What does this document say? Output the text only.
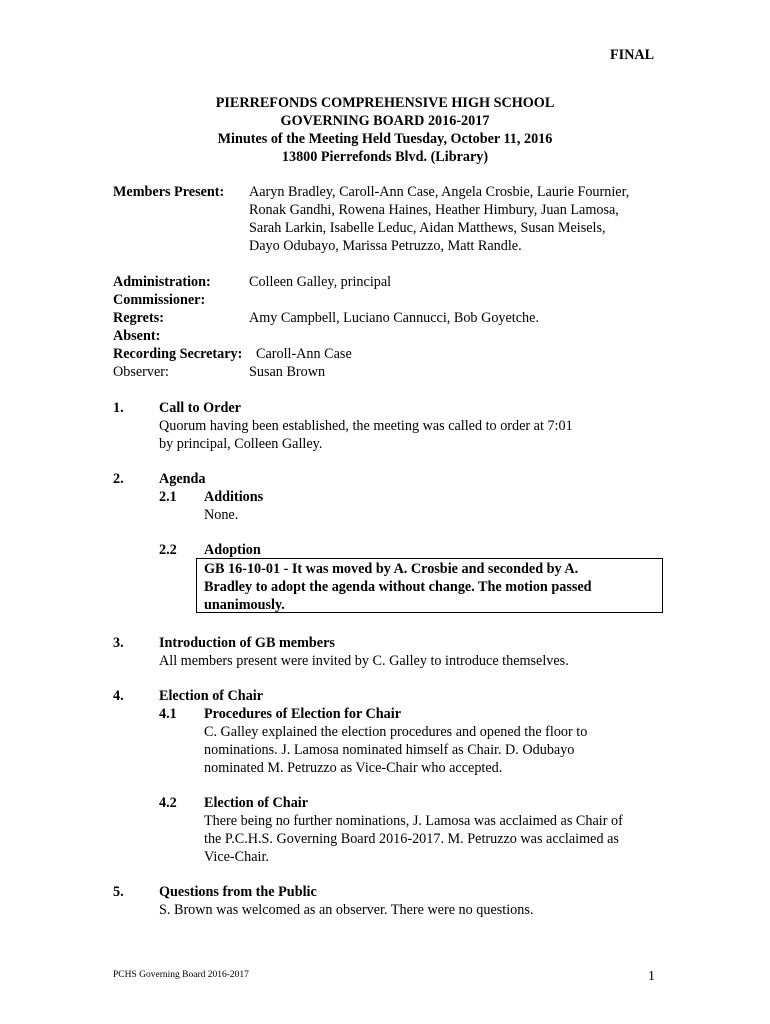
FINAL
PIERREFONDS COMPREHENSIVE HIGH SCHOOL
GOVERNING BOARD 2016-2017
Minutes of the Meeting Held Tuesday, October 11, 2016
13800 Pierrefonds Blvd. (Library)
Members Present: Aaryn Bradley, Caroll-Ann Case, Angela Crosbie, Laurie Fournier,
Ronak Gandhi, Rowena Haines, Heather Himbury, Juan Lamosa,
Sarah Larkin, Isabelle Leduc, Aidan Matthews, Susan Meisels,
Dayo Odubayo, Marissa Petruzzo, Matt Randle.
Administration:	Colleen Galley, principal
Commissioner:
Regrets:	Amy Campbell, Luciano Cannucci, Bob Goyetche.
Absent:
Recording Secretary: Caroll-Ann Case
Observer:	Susan Brown
1. Call to Order
Quorum having been established, the meeting was called to order at 7:01
by principal, Colleen Galley.
2. Agenda
2.1 Additions
None.
2.2 Adoption
GB 16-10-01 - It was moved by A. Crosbie and seconded by A.
Bradley to adopt the agenda without change. The motion passed
unanimously.
3. Introduction of GB members
All members present were invited by C. Galley to introduce themselves.
4. Election of Chair
4.1 Procedures of Election for Chair
C. Galley explained the election procedures and opened the floor to
nominations. J. Lamosa nominated himself as Chair. D. Odubayo
nominated M. Petruzzo as Vice-Chair who accepted.
4.2 Election of Chair
There being no further nominations, J. Lamosa was acclaimed as Chair of
the P.C.H.S. Governing Board 2016-2017. M. Petruzzo was acclaimed as
Vice-Chair.
5. Questions from the Public
S. Brown was welcomed as an observer. There were no questions.
PCHS Governing Board 2016-2017	1
